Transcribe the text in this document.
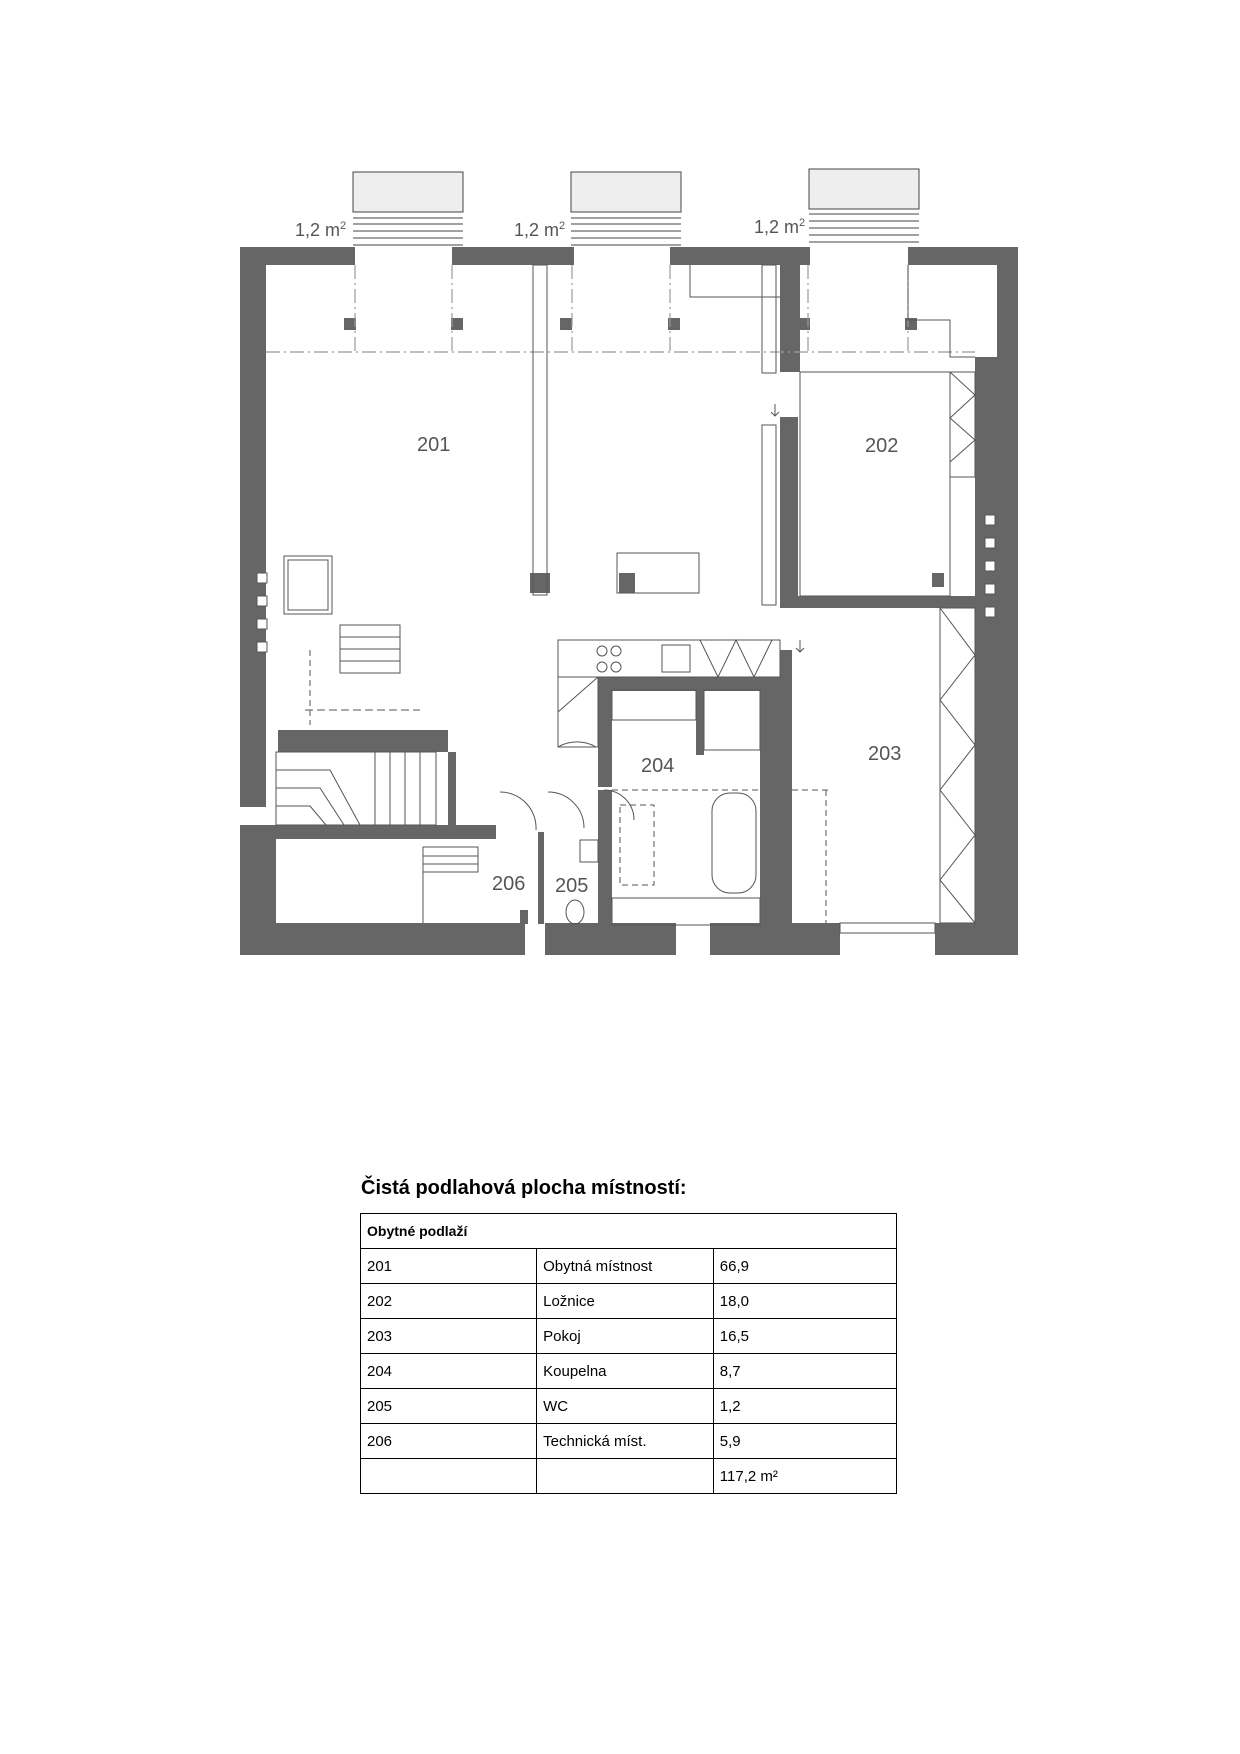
1,2 $m^2$	1,2 $m^2$	1,2 $m^2$
201	202
203
204
205
206

Čistá podlahová plocha místností:

Obytné podlaží		
201	Obytná místnost	66,9
202	Ložnice	18,0
203	Pokoj	16,5
204	Koupelna	8,7
205	WC	1,2
206	Technická míst.	5,9
		117,2 m²
